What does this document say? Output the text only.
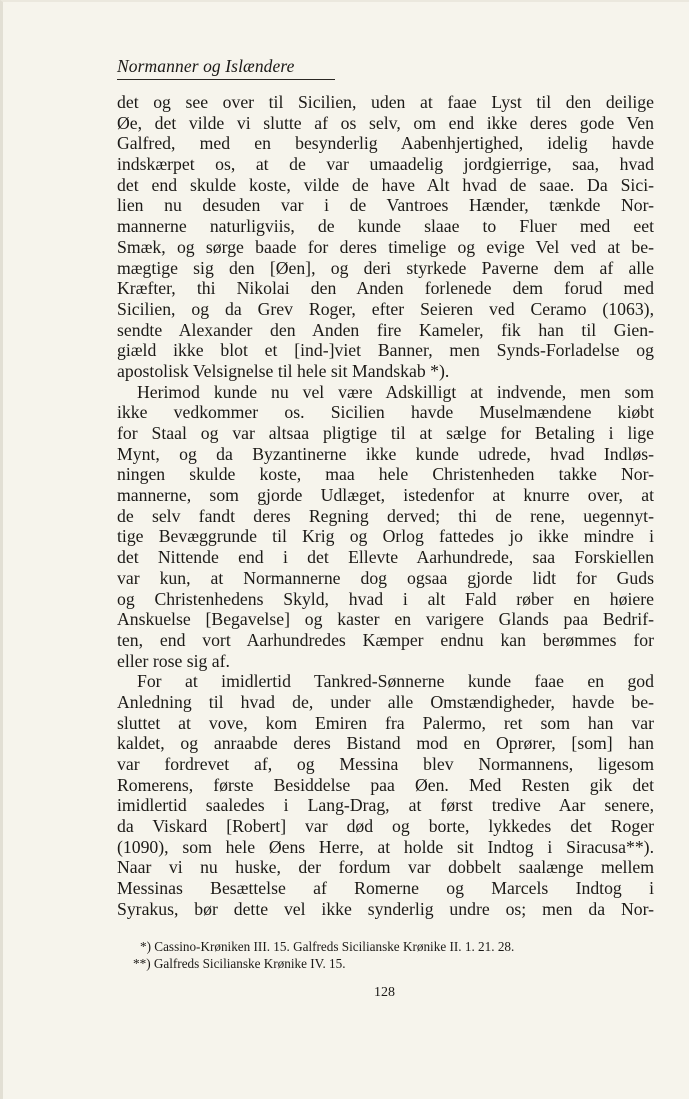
Normanner og Islændere
det og see over til Sicilien, uden at faae Lyst til den deilige
Øe, det vilde vi slutte af os selv, om end ikke deres gode Ven
Galfred, med en besynderlig Aabenhjertighed, idelig havde
indskærpet os, at de var umaadelig jordgierrige, saa, hvad
det end skulde koste, vilde de have Alt hvad de saae. Da Sici-
lien nu desuden var i de Vantroes Hænder, tænkde Nor-
mannerne naturligviis, de kunde slaae to Fluer med eet
Smæk, og sørge baade for deres timelige og evige Vel ved at be-
mægtige sig den [Øen], og deri styrkede Paverne dem af alle
Kræfter, thi Nikolai den Anden forlenede dem forud med
Sicilien, og da Grev Roger, efter Seieren ved Ceramo (1063),
sendte Alexander den Anden fire Kameler, fik han til Gien-
giæld ikke blot et [ind-]viet Banner, men Synds-Forladelse og
apostolisk Velsignelse til hele sit Mandskab *).
Herimod kunde nu vel være Adskilligt at indvende, men som
ikke vedkommer os. Sicilien havde Muselmændene kiøbt
for Staal og var altsaa pligtige til at sælge for Betaling i lige
Mynt, og da Byzantinerne ikke kunde udrede, hvad Indløs-
ningen skulde koste, maa hele Christenheden takke Nor-
mannerne, som gjorde Udlæget, istedenfor at knurre over, at
de selv fandt deres Regning derved; thi de rene, uegennyt-
tige Bevæggrunde til Krig og Orlog fattedes jo ikke mindre i
det Nittende end i det Ellevte Aarhundrede, saa Forskiellen
var kun, at Normannerne dog ogsaa gjorde lidt for Guds
og Christenhedens Skyld, hvad i alt Fald røber en høiere
Anskuelse [Begavelse] og kaster en varigere Glands paa Bedrif-
ten, end vort Aarhundredes Kæmper endnu kan berømmes for
eller rose sig af.
For at imidlertid Tankred-Sønnerne kunde faae en god
Anledning til hvad de, under alle Omstændigheder, havde be-
sluttet at vove, kom Emiren fra Palermo, ret som han var
kaldet, og anraabde deres Bistand mod en Oprører, [som] han
var fordrevet af, og Messina blev Normannens, ligesom
Romerens, første Besiddelse paa Øen. Med Resten gik det
imidlertid saaledes i Lang-Drag, at først tredive Aar senere,
da Viskard [Robert] var død og borte, lykkedes det Roger
(1090), som hele Øens Herre, at holde sit Indtog i Siracusa**).
Naar vi nu huske, der fordum var dobbelt saalænge mellem
Messinas Besættelse af Romerne og Marcels Indtog i
Syrakus, bør dette vel ikke synderlig undre os; men da Nor-
*) Cassino-Krøniken III. 15. Galfreds Sicilianske Krønike II. 1. 21. 28.
**) Galfreds Sicilianske Krønike IV. 15.
128
